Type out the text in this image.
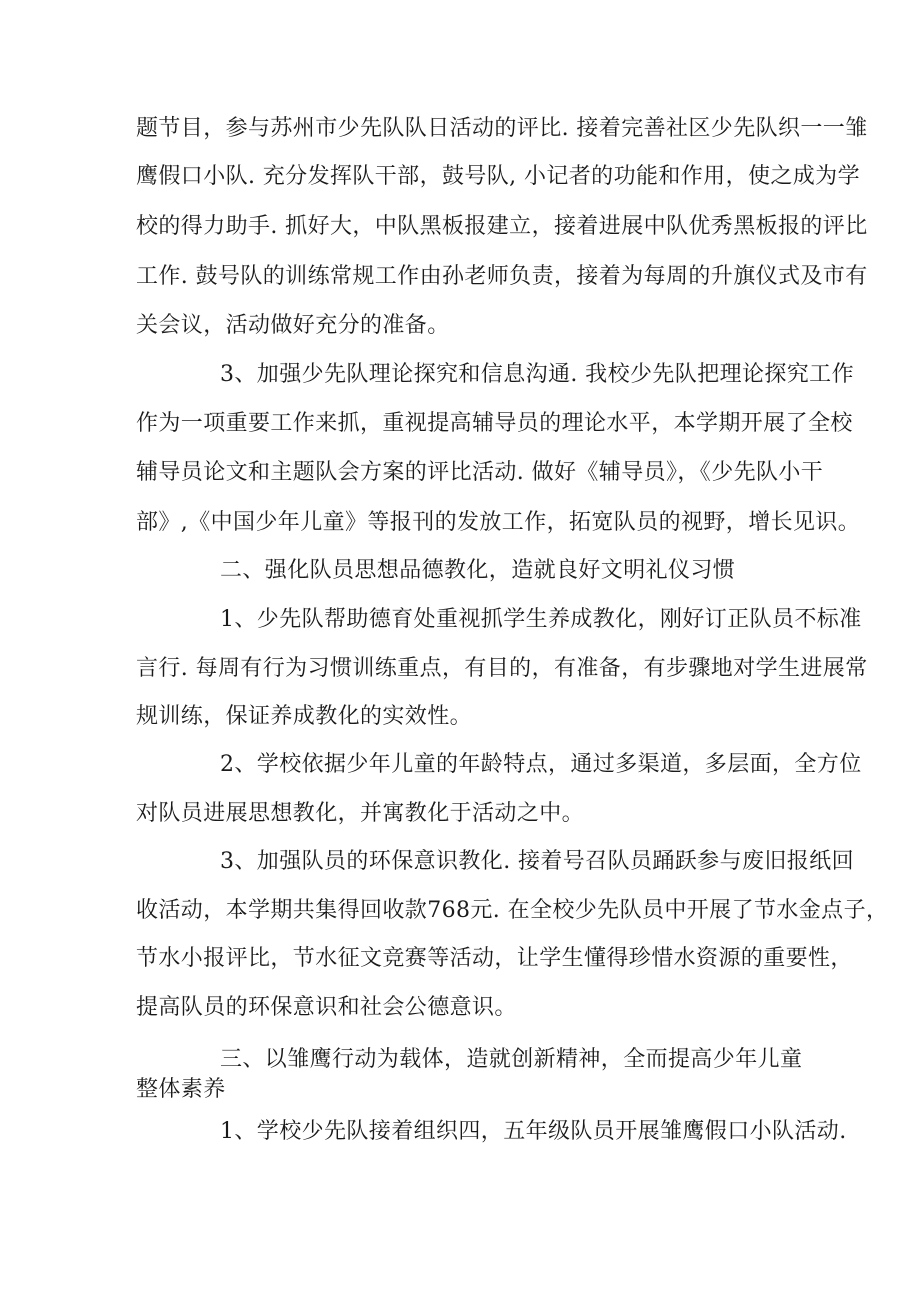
题节目，参与苏州市少先队队日活动的评比. 接着完善社区少先队织一一雏
鹰假口小队. 充分发挥队干部，鼓号队, 小记者的功能和作用，使之成为学
校的得力助手. 抓好大，中队黑板报建立，接着进展中队优秀黑板报的评比
工作. 鼓号队的训练常规工作由孙老师负责，接着为每周的升旗仪式及市有
关会议，活动做好充分的准备。
3、加强少先队理论探究和信息沟通. 我校少先队把理论探究工作
作为一项重要工作来抓，重视提高辅导员的理论水平，本学期开展了全校
辅导员论文和主题队会方案的评比活动. 做好《辅导员》，《少先队小干
部》,《中国少年儿童》等报刊的发放工作，拓宽队员的视野，增长见识。
二、强化队员思想品德教化，造就良好文明礼仪习惯
1、少先队帮助德育处重视抓学生养成教化，刚好订正队员不标准
言行. 每周有行为习惯训练重点，有目的，有准备，有步骤地对学生进展常
规训练，保证养成教化的实效性。
2、学校依据少年儿童的年龄特点，通过多渠道，多层面，全方位
对队员进展思想教化，并寓教化于活动之中。
3、加强队员的环保意识教化. 接着号召队员踊跃参与废旧报纸回
收活动，本学期共集得回收款768元. 在全校少先队员中开展了节水金点子，
节水小报评比，节水征文竞赛等活动，让学生懂得珍惜水资源的重要性，
提高队员的环保意识和社会公德意识。
三、以雏鹰行动为载体，造就创新精神，全而提高少年儿童
整体素养
1、学校少先队接着组织四，五年级队员开展雏鹰假口小队活动.
